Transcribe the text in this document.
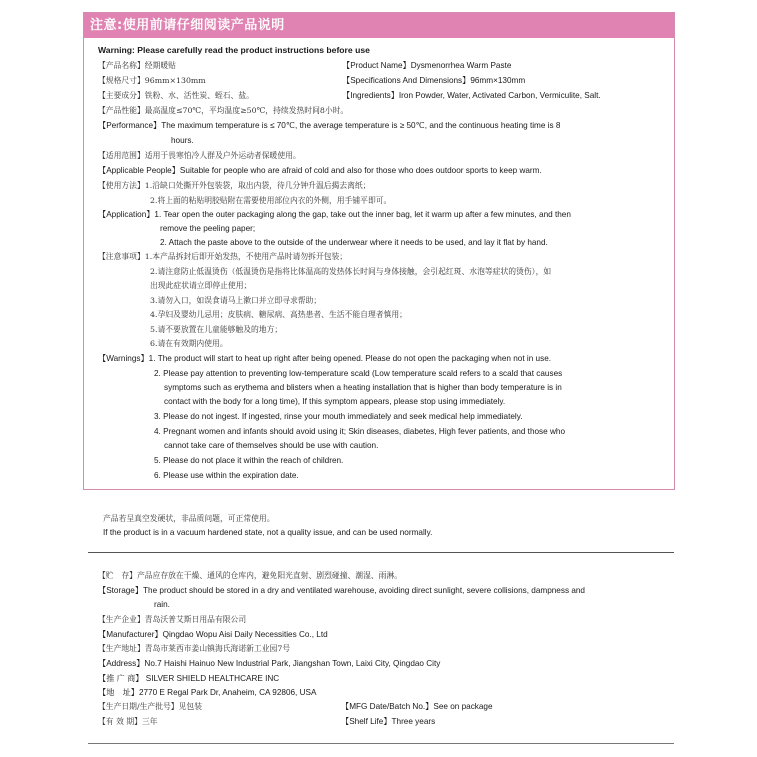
注意:使用前请仔细阅读产品说明
Warning: Please carefully read the product instructions before use
【产品名称】经期暖贴	【Product Name】Dysmenorrhea Warm Paste
【规格尺寸】96mm×130mm	【Specifications And Dimensions】96mm×130mm
【主要成分】铁粉、水、活性炭、蛭石、盐。	【Ingredients】Iron Powder, Water, Activated Carbon, Vermiculite, Salt.
【产品性能】最高温度≤70℃，平均温度≥50℃，持续发热时间8小时。
【Performance】The maximum temperature is ≤ 70℃, the average temperature is ≥ 50℃, and the continuous heating time is 8
hours.
【适用范围】适用于畏寒怕冷人群及户外运动者保暖使用。
【Applicable People】Suitable for people who are afraid of cold and also for those who does outdoor sports to keep warm.
【使用方法】1.沿缺口处撕开外包装袋，取出内袋，待几分钟升温后揭去离纸；
2.将上面的粘贴明胶贴附在需要使用部位内衣的外侧，用手铺平即可。
【Application】1. Tear open the outer packaging along the gap, take out the inner bag, let it warm up after a few minutes, and then
remove the peeling paper;
2. Attach the paste above to the outside of the underwear where it needs to be used, and lay it flat by hand.
【注意事项】1.本产品拆封后即开始发热，不使用产品时请勿拆开包装；
2.请注意防止低温烫伤（低温烫伤是指将比体温高的发热体长时间与身体接触，会引起红斑、水泡等症状的烫伤），如
出现此症状请立即停止使用；
3.请勿入口，如误食请马上漱口并立即寻求帮助；
4.孕妇及婴幼儿忌用；皮肤病、糖尿病、高热患者、生活不能自理者慎用；
5.请不要放置在儿童能够触及的地方；
6.请在有效期内使用。
【Warnings】1. The product will start to heat up right after being opened. Please do not open the packaging when not in use.
2. Please pay attention to preventing low-temperature scald (Low temperature scald refers to a scald that causes
symptoms such as erythema and blisters when a heating installation that is higher than body temperature is in
contact with the body for a long time), If this symptom appears, please stop using immediately.
3. Please do not ingest. If ingested, rinse your mouth immediately and seek medical help immediately.
4. Pregnant women and infants should avoid using it; Skin diseases, diabetes, High fever patients, and those who
cannot take care of themselves should be use with caution.
5. Please do not place it within the reach of children.
6. Please use within the expiration date.
产品若呈真空发硬状，非品质问题，可正常使用。
If the product is in a vacuum hardened state, not a quality issue, and can be used normally.
【贮　存】产品应存放在干燥、通风的仓库内，避免阳光直射、剧烈碰撞、潮湿、雨淋。
【Storage】The product should be stored in a dry and ventilated warehouse, avoiding direct sunlight, severe collisions, dampness and
rain.
【生产企业】青岛沃普艾斯日用品有限公司
【Manufacturer】Qingdao Wopu Aisi Daily Necessities Co., Ltd
【生产地址】青岛市莱西市姜山镇海氏海诺新工业园7号
【Address】No.7 Haishi Hainuo New Industrial Park, Jiangshan Town, Laixi City, Qingdao City
【推 广 商】 SILVER SHIELD HEALTHCARE INC
【地　址】2770 E Regal Park Dr, Anaheim, CA 92806, USA
【生产日期/生产批号】见包装	【MFG Date/Batch No.】See on package
【有 效 期】三年	【Shelf Life】Three years
